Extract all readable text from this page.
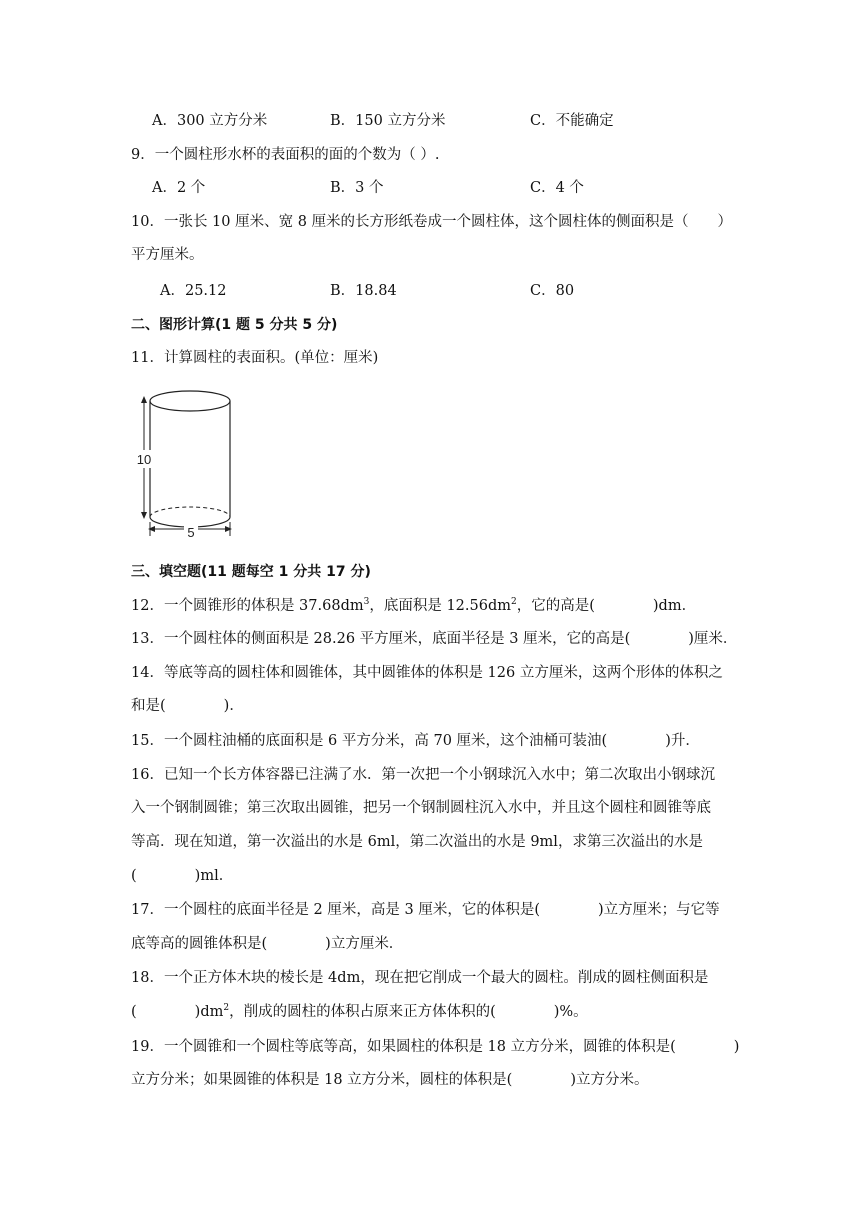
A．300 立方分米	B．150 立方分米	C．不能确定
9．一个圆柱形水杯的表面积的面的个数为（ ）.
A．2 个	B．3 个	C．4 个
10．一张长 10 厘米、宽 8 厘米的长方形纸卷成一个圆柱体，这个圆柱体的侧面积是（　　）
平方厘米。
A．25.12	B．18.84	C．80
二、图形计算(1 题 5 分共 5 分)
11．计算圆柱的表面积。(单位：厘米)
10
5
三、填空题(11 题每空 1 分共 17 分)
12．一个圆锥形的体积是 $37.68dm^3$，底面积是 $12.56dm^2$，它的高是(　　　　)dm．
13．一个圆柱体的侧面积是 28.26 平方厘米，底面半径是 3 厘米，它的高是(　　　　)厘米．
14．等底等高的圆柱体和圆锥体，其中圆锥体的体积是 126 立方厘米，这两个形体的体积之
和是(　　　　)．
15．一个圆柱油桶的底面积是 6 平方分米，高 70 厘米，这个油桶可装油(　　　　)升．
16．已知一个长方体容器已注满了水．第一次把一个小钢球沉入水中；第二次取出小钢球沉
入一个钢制圆锥；第三次取出圆锥，把另一个钢制圆柱沉入水中，并且这个圆柱和圆锥等底
等高．现在知道，第一次溢出的水是 6ml，第二次溢出的水是 9ml，求第三次溢出的水是
(　　　　)ml．
17．一个圆柱的底面半径是 2 厘米，高是 3 厘米，它的体积是(　　　　)立方厘米；与它等
底等高的圆锥体积是(　　　　)立方厘米．
18．一个正方体木块的棱长是 4dm，现在把它削成一个最大的圆柱。削成的圆柱侧面积是
(　　　　)$dm^2$，削成的圆柱的体积占原来正方体体积的(　　　　)%。
19．一个圆锥和一个圆柱等底等高，如果圆柱的体积是 18 立方分米，圆锥的体积是(　　　　)
立方分米；如果圆锥的体积是 18 立方分米，圆柱的体积是(　　　　)立方分米。
